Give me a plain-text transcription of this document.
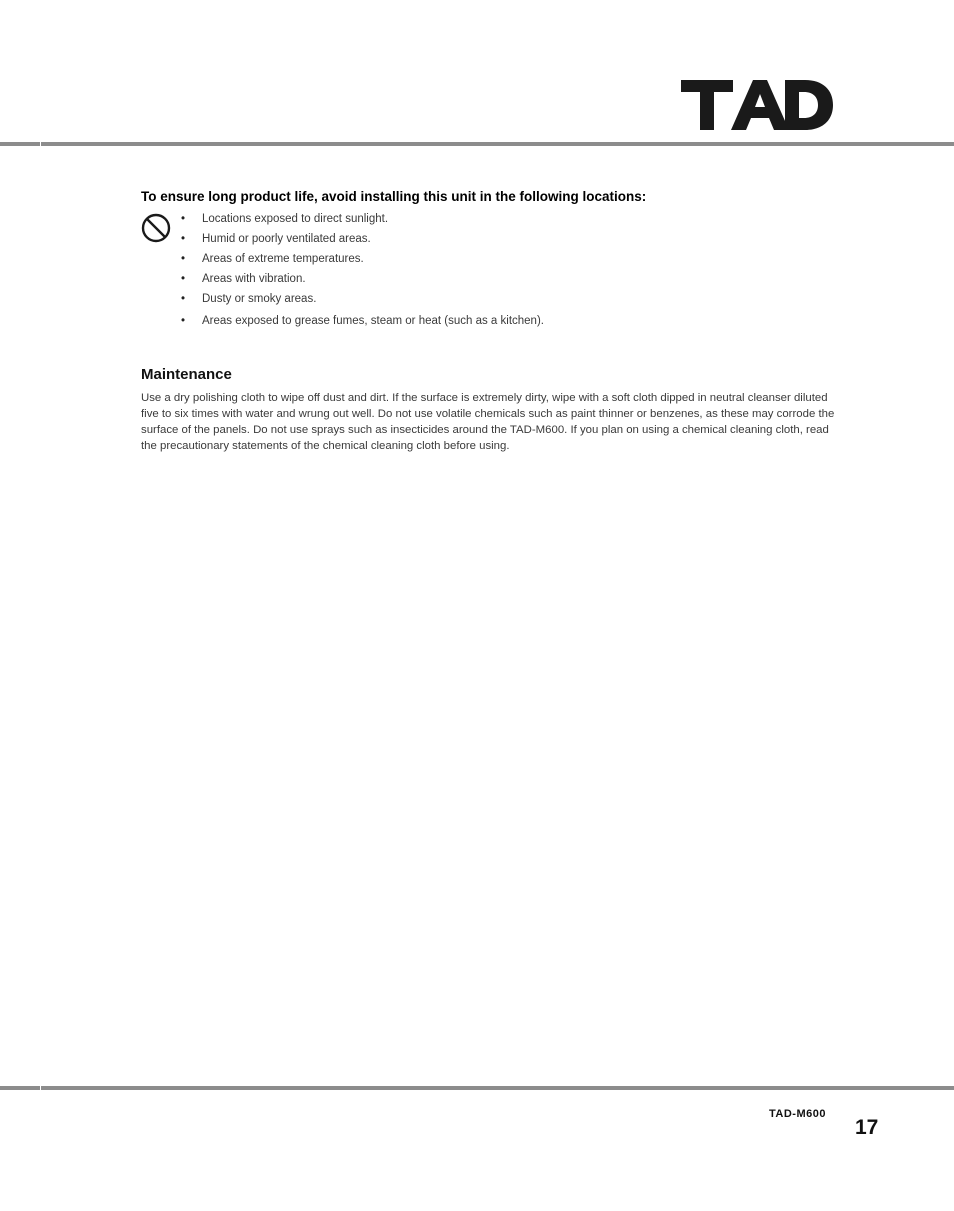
To ensure long product life, avoid installing this unit in the following locations:
• Locations exposed to direct sunlight.
• Humid or poorly ventilated areas.
• Areas of extreme temperatures.
• Areas with vibration.
• Dusty or smoky areas.
• Areas exposed to grease fumes, steam or heat (such as a kitchen).
Maintenance

Use a dry polishing cloth to wipe off dust and dirt. If the surface is extremely dirty, wipe with a soft cloth dipped in neutral cleanser diluted five to six times with water and wrung out well. Do not use volatile chemicals such as paint thinner or benzenes, as these may corrode the surface of the panels. Do not use sprays such as insecticides around the TAD-M600. If you plan on using a chemical cleaning cloth, read the precautionary statements of the chemical cleaning cloth before using.

TAD-M600
17
